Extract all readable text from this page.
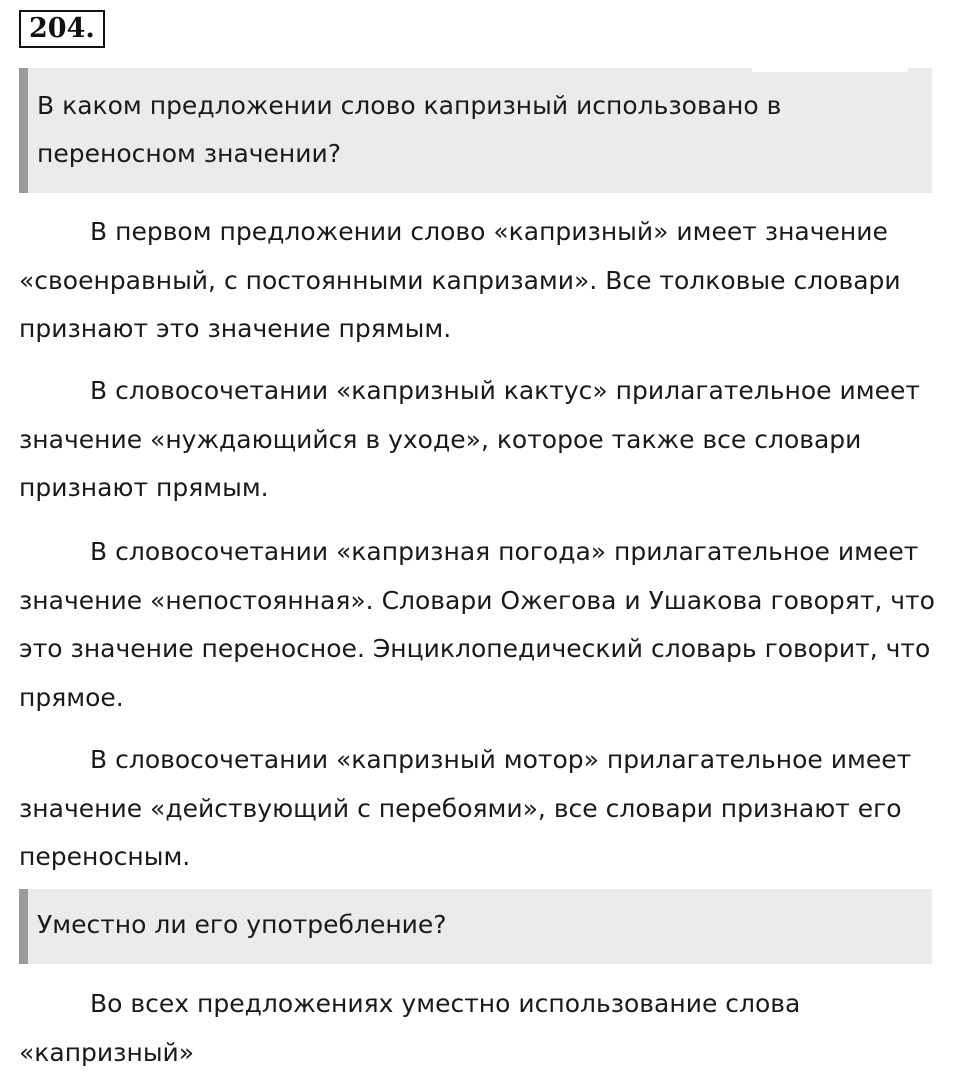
204.
В каком предложении слово капризный использовано в переносном значении?

В первом предложении слово «капризный» имеет значение «своенравный, с постоянными капризами». Все толковые словари признают это значение прямым.

В словосочетании «капризный кактус» прилагательное имеет значение «нуждающийся в уходе», которое также все словари признают прямым.

В словосочетании «капризная погода» прилагательное имеет значение «непостоянная». Словари Ожегова и Ушакова говорят, что это значение переносное. Энциклопедический словарь говорит, что прямое.

В словосочетании «капризный мотор» прилагательное имеет значение «действующий с перебоями», все словари признают его переносным.

Уместно ли его употребление?

Во всех предложениях уместно использование слова «капризный»
